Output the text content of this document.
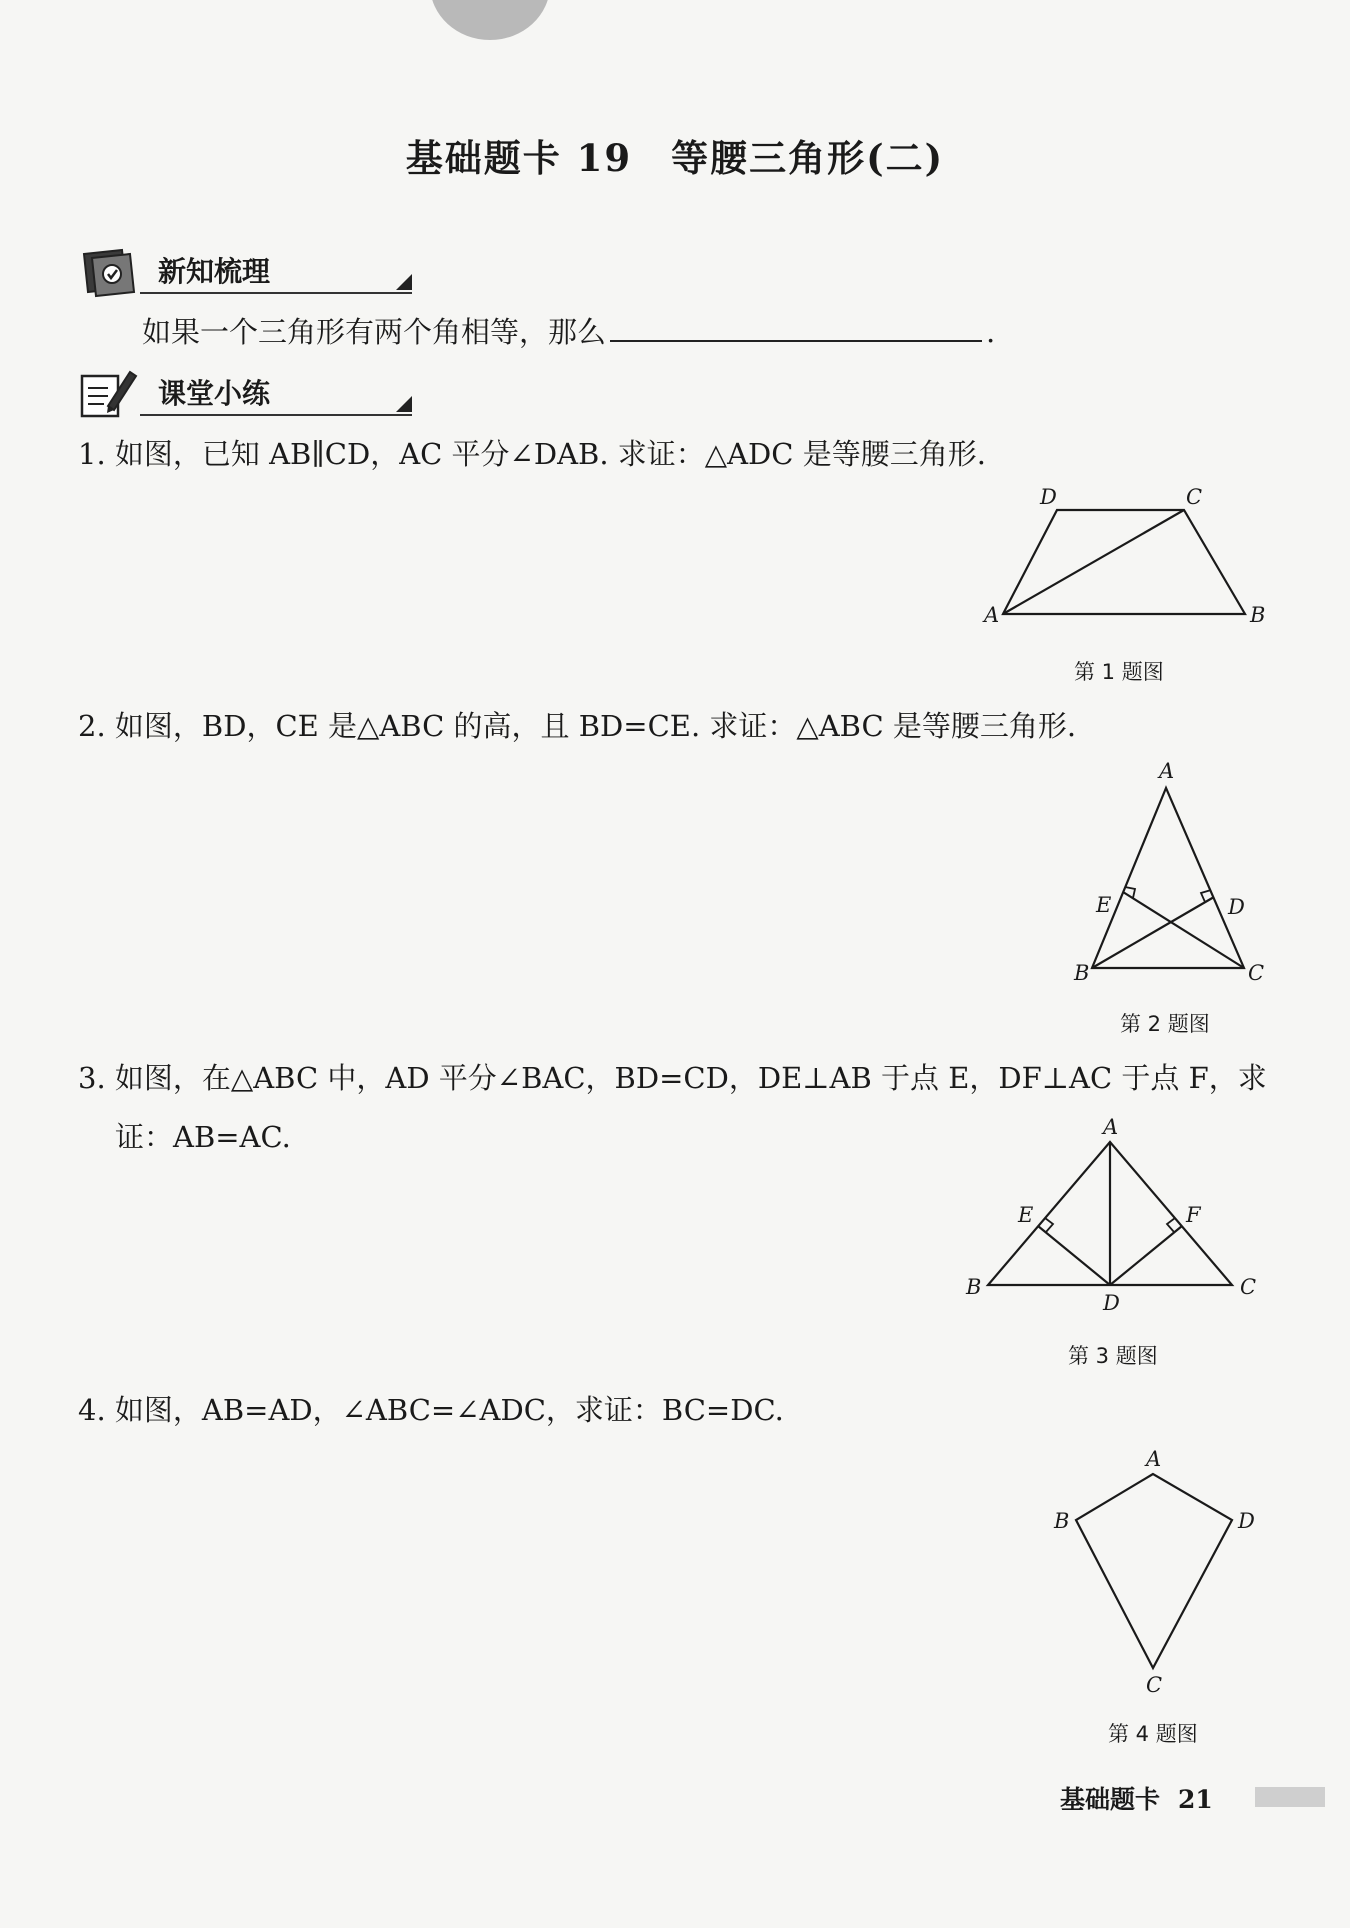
基础题卡 19　等腰三角形(二)
新知梳理
如果一个三角形有两个角相等，那么	.
课堂小练
1. 如图，已知 AB∥CD，AC 平分∠DAB. 求证：△ADC 是等腰三角形.
A	B
C
D
第 1 题图
2. 如图，BD，CE 是△ABC 的高，且 BD=CE. 求证：△ABC 是等腰三角形.
A
B	C
D
E
第 2 题图
3. 如图，在△ABC 中，AD 平分∠BAC，BD=CD，DE⊥AB 于点 E，DF⊥AC 于点 F，求
证：AB=AC.	A
B	C
D
E	F
第 3 题图
4. 如图，AB=AD，∠ABC=∠ADC，求证：BC=DC.
A
B
C
D
第 4 题图
基础题卡 21
